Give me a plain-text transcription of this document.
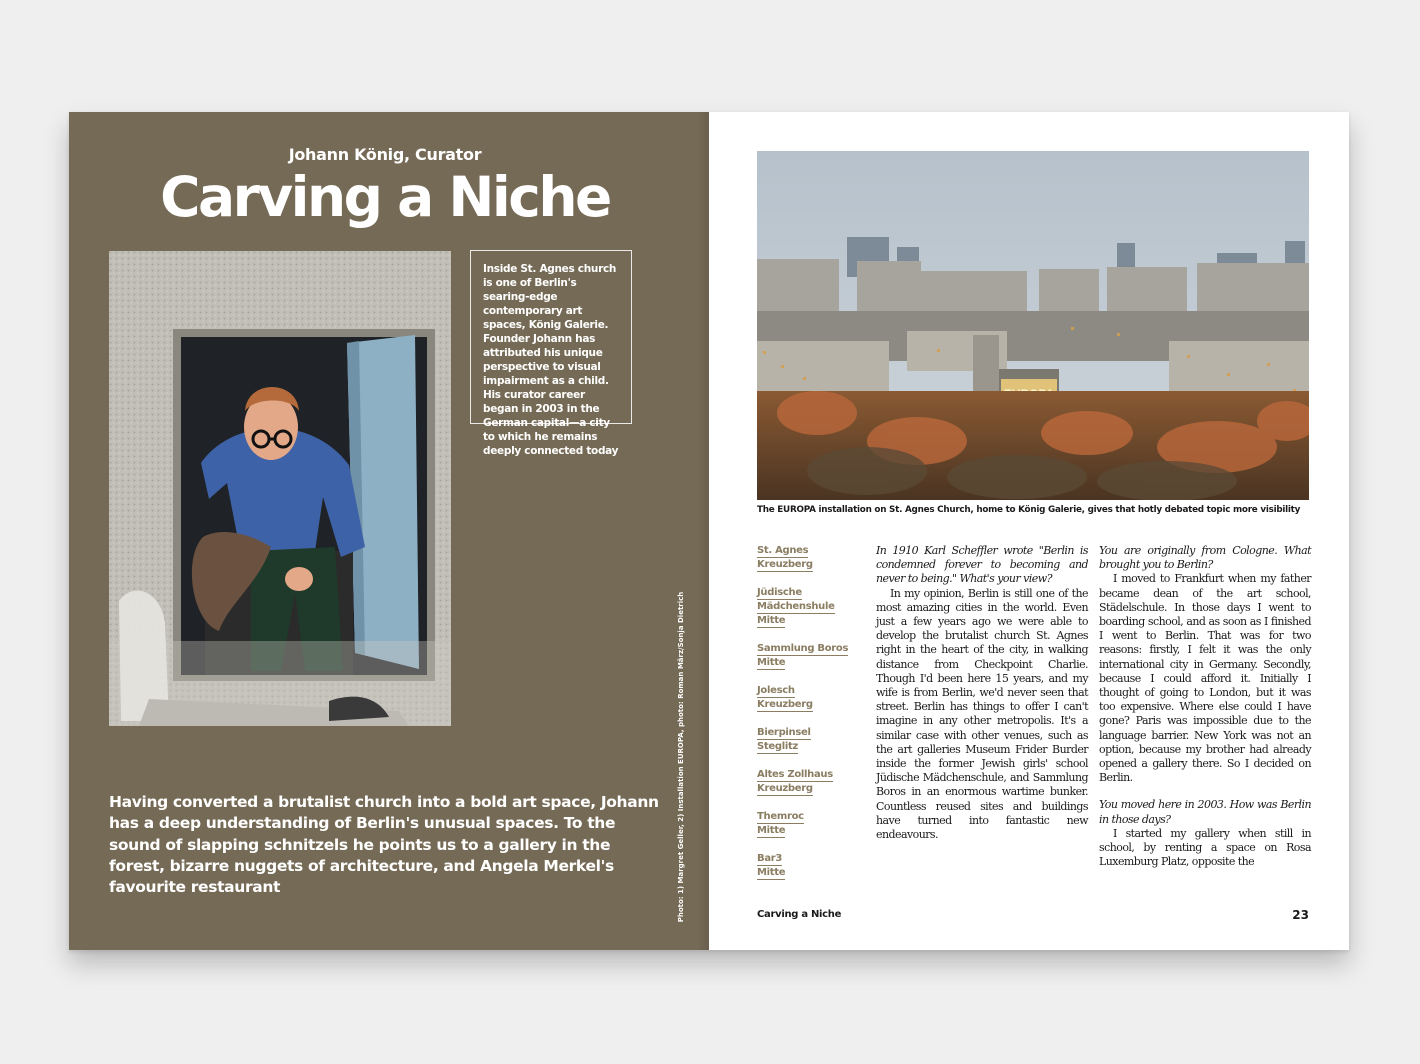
Johann König, Curator
Carving a Niche
Inside St. Agnes church is one of Berlin's searing-edge contemporary art spaces, König Galerie. Founder Johann has attributed his unique perspective to visual impairment as a child. His curator career began in 2003 in the German capital—a city to which he remains deeply connected today
Photo: 1) Margret Geller, 2) Installation EUROPA, photo: Roman März/Sonja Dietrich
Having converted a brutalist church into a bold art space, Johann has a deep understanding of Berlin's unusual spaces. To the sound of slapping schnitzels he points us to a gallery in the forest, bizarre nuggets of architecture, and Angela Merkel's favourite restaurant
The EUROPA installation on St. Agnes Church, home to König Galerie, gives that hotly debated topic more visibility
St. Agnes
Kreuzberg
Jüdische
Mädchenshule
Mitte
Sammlung Boros
Mitte
Jolesch
Kreuzberg
Bierpinsel
Steglitz
Altes Zollhaus
Kreuzberg
Themroc
Mitte
Bar3
Mitte

In 1910 Karl Scheffler wrote "Berlin is condemned forever to becoming and never to being." What's your view?

In my opinion, Berlin is still one of the most amazing cities in the world. Even just a few years ago we were able to develop the brutalist church St. Agnes right in the heart of the city, in walking distance from Checkpoint Charlie. Though I'd been here 15 years, and my wife is from Berlin, we'd never seen that street. Berlin has things to offer I can't imagine in any other metropolis. It's a similar case with other venues, such as the art galleries Museum Frider Burder inside the former Jewish girls' school Jüdische Mädchenschule, and Sammlung Boros in an enormous wartime bunker. Countless reused sites and buildings have turned into fantastic new endeavours.

You are originally from Cologne. What brought you to Berlin?

I moved to Frankfurt when my father became dean of the art school, Städelschule. In those days I went to boarding school, and as soon as I finished I went to Berlin. That was for two reasons: firstly, I felt it was the only international city in Germany. Secondly, because I could afford it. Initially I thought of going to London, but it was too expensive. Where else could I have gone? Paris was impossible due to the language barrier. New York was not an option, because my brother had already opened a gallery there. So I decided on Berlin.

You moved here in 2003. How was Berlin in those days?

I started my gallery when still in school, by renting a space on Rosa Luxemburg Platz, opposite the

Carving a Niche	23
